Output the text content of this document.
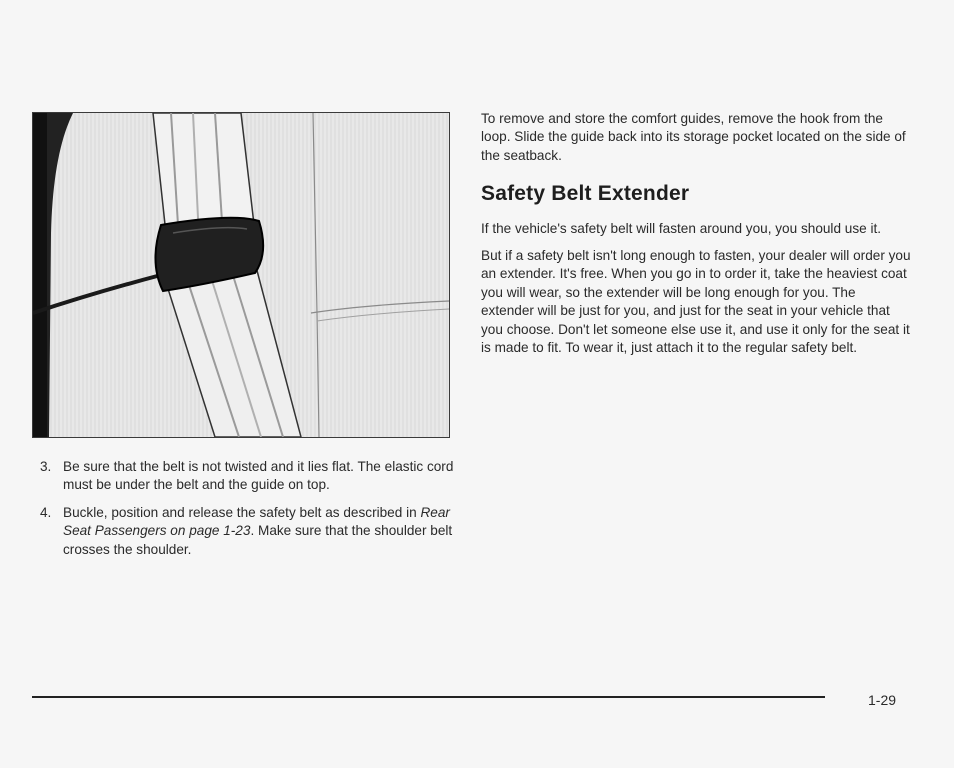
3. Be sure that the belt is not twisted and it lies flat. The elastic cord must be under the belt and the guide on top.
4. Buckle, position and release the safety belt as described in Rear Seat Passengers on page 1-23. Make sure that the shoulder belt crosses the shoulder.

To remove and store the comfort guides, remove the hook from the loop. Slide the guide back into its storage pocket located on the side of the seatback.

Safety Belt Extender

If the vehicle's safety belt will fasten around you, you should use it.

But if a safety belt isn't long enough to fasten, your dealer will order you an extender. It's free. When you go in to order it, take the heaviest coat you will wear, so the extender will be long enough for you. The extender will be just for you, and just for the seat in your vehicle that you choose. Don't let someone else use it, and use it only for the seat it is made to fit. To wear it, just attach it to the regular safety belt.

1-29
